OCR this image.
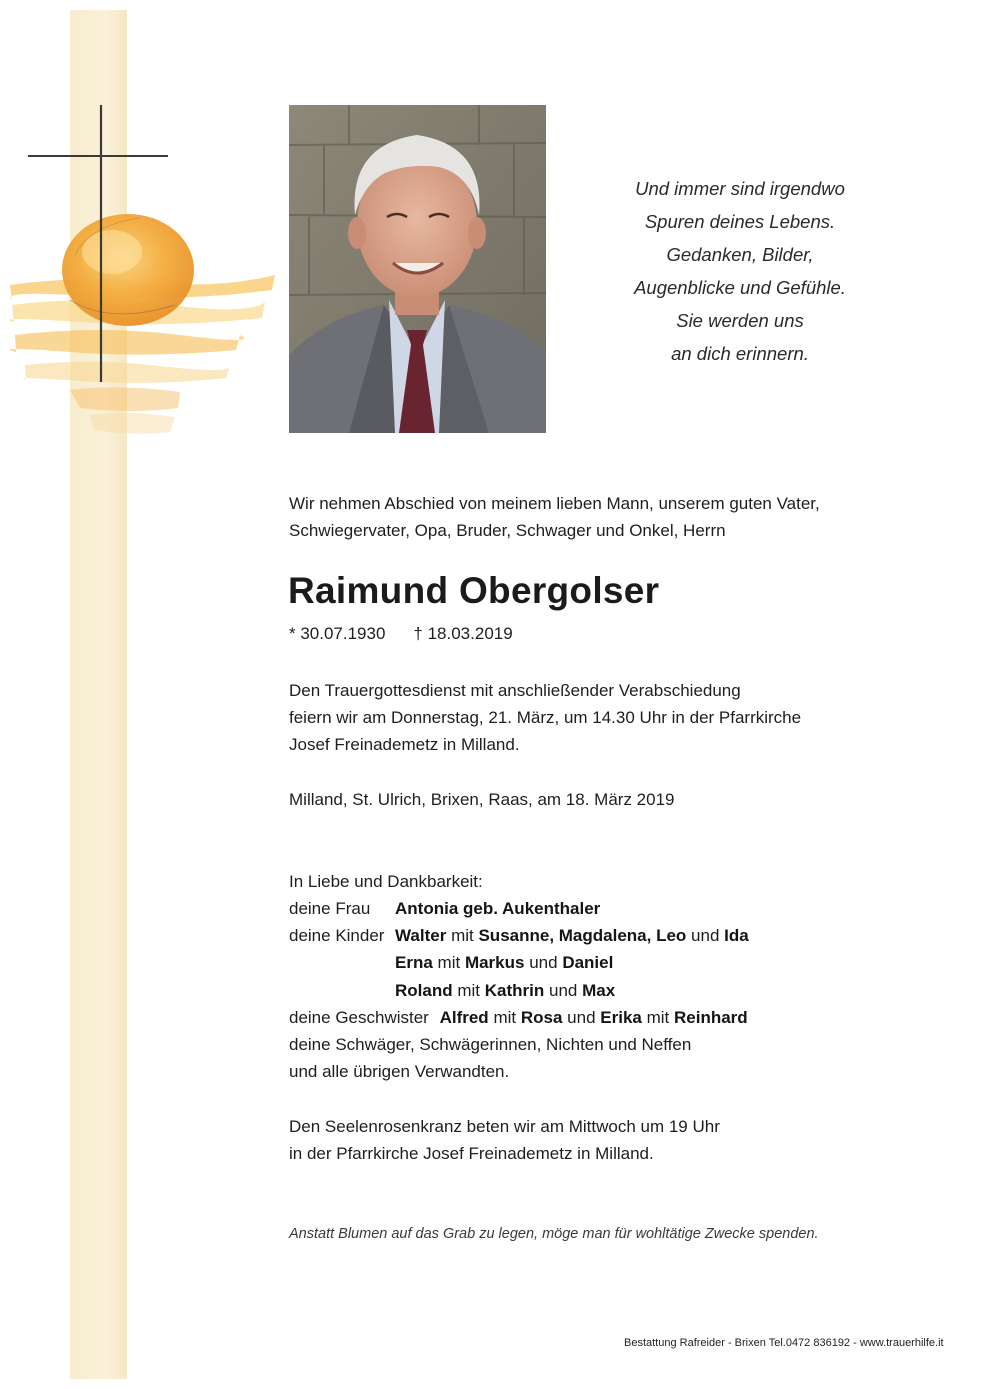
Und immer sind irgendwo
Spuren deines Lebens.
Gedanken, Bilder,
Augenblicke und Gefühle.
Sie werden uns
an dich erinnern.
Wir nehmen Abschied von meinem lieben Mann, unserem guten Vater,
Schwiegervater, Opa, Bruder, Schwager und Onkel, Herrn
Raimund Obergolser
* 30.07.1930 † 18.03.2019
Den Trauergottesdienst mit anschließender Verabschiedung
feiern wir am Donnerstag, 21. März, um 14.30 Uhr in der Pfarrkirche
Josef Freinademetz in Milland.
Milland, St. Ulrich, Brixen, Raas, am 18. März 2019
In Liebe und Dankbarkeit:
deine Frau Antonia geb. Aukenthaler
deine Kinder Walter mit Susanne, Magdalena, Leo und Ida
Erna mit Markus und Daniel
Roland mit Kathrin und Max
deine Geschwister Alfred mit Rosa und Erika mit Reinhard
deine Schwäger, Schwägerinnen, Nichten und Neffen
und alle übrigen Verwandten.
Den Seelenrosenkranz beten wir am Mittwoch um 19 Uhr
in der Pfarrkirche Josef Freinademetz in Milland.
Anstatt Blumen auf das Grab zu legen, möge man für wohltätige Zwecke spenden.
Bestattung Rafreider - Brixen Tel.0472 836192 - www.trauerhilfe.it
